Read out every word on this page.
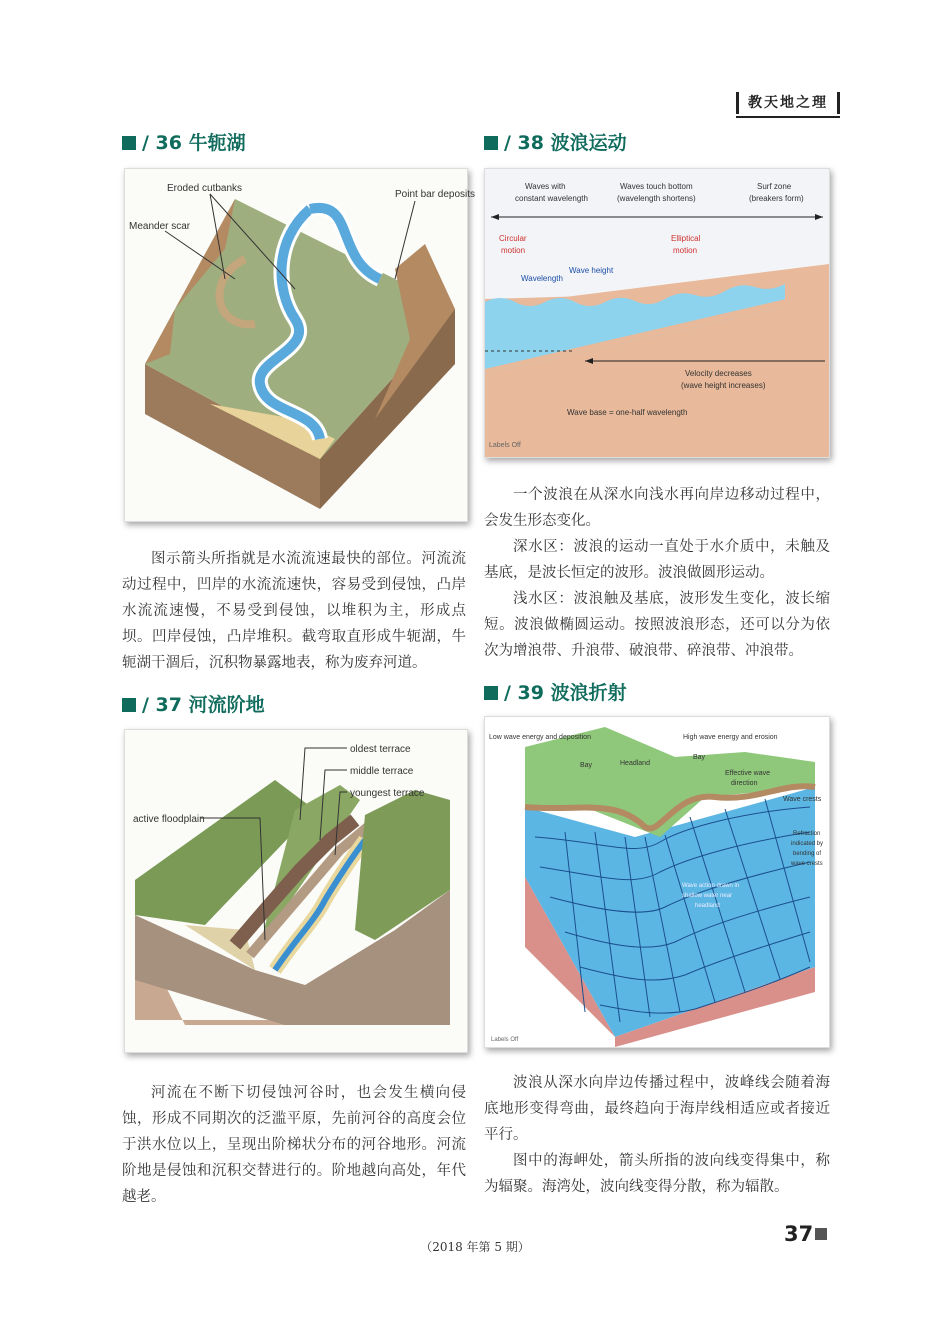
教天地之理
/ 36 牛轭湖
Eroded cutbanks
Point bar deposits
Meander scar

图示箭头所指就是水流流速最快的部位。河流流动过程中，凹岸的水流流速快，容易受到侵蚀，凸岸水流流速慢，不易受到侵蚀，以堆积为主，形成点坝。凹岸侵蚀，凸岸堆积。截弯取直形成牛轭湖，牛轭湖干涸后，沉积物暴露地表，称为废弃河道。

/ 37 河流阶地
oldest terrace
middle terrace
youngest terrace
active floodplain

河流在不断下切侵蚀河谷时，也会发生横向侵蚀，形成不同期次的泛滥平原，先前河谷的高度会位于洪水位以上，呈现出阶梯状分布的河谷地形。河流阶地是侵蚀和沉积交替进行的。阶地越向高处，年代越老。

/ 38 波浪运动
Waves with
constant wavelength
Waves touch bottom
(wavelength shortens)
Surf zone
(breakers form)
Circular
motion
Elliptical
motion
Wavelength
Wave height
Velocity decreases
(wave height increases)
Wave base = one-half wavelength
Labels Off

一个波浪在从深水向浅水再向岸边移动过程中，会发生形态变化。

深水区：波浪的运动一直处于水介质中，未触及基底，是波长恒定的波形。波浪做圆形运动。

浅水区：波浪触及基底，波形发生变化，波长缩短。波浪做椭圆运动。按照波浪形态，还可以分为依次为增浪带、升浪带、破浪带、碎浪带、冲浪带。

/ 39 波浪折射
Low wave energy and deposition	High wave energy and erosion
Bay	Headland
Bay
Effective wave
direction
Wave crests
Refraction
indicated by
bending of
wave crests
Wave action drawn in
shallow water near
headland
Labels Off

波浪从深水向岸边传播过程中，波峰线会随着海底地形变得弯曲，最终趋向于海岸线相适应或者接近平行。

图中的海岬处，箭头所指的波向线变得集中，称为辐聚。海湾处，波向线变得分散，称为辐散。

（2018 年第 5 期）
37
